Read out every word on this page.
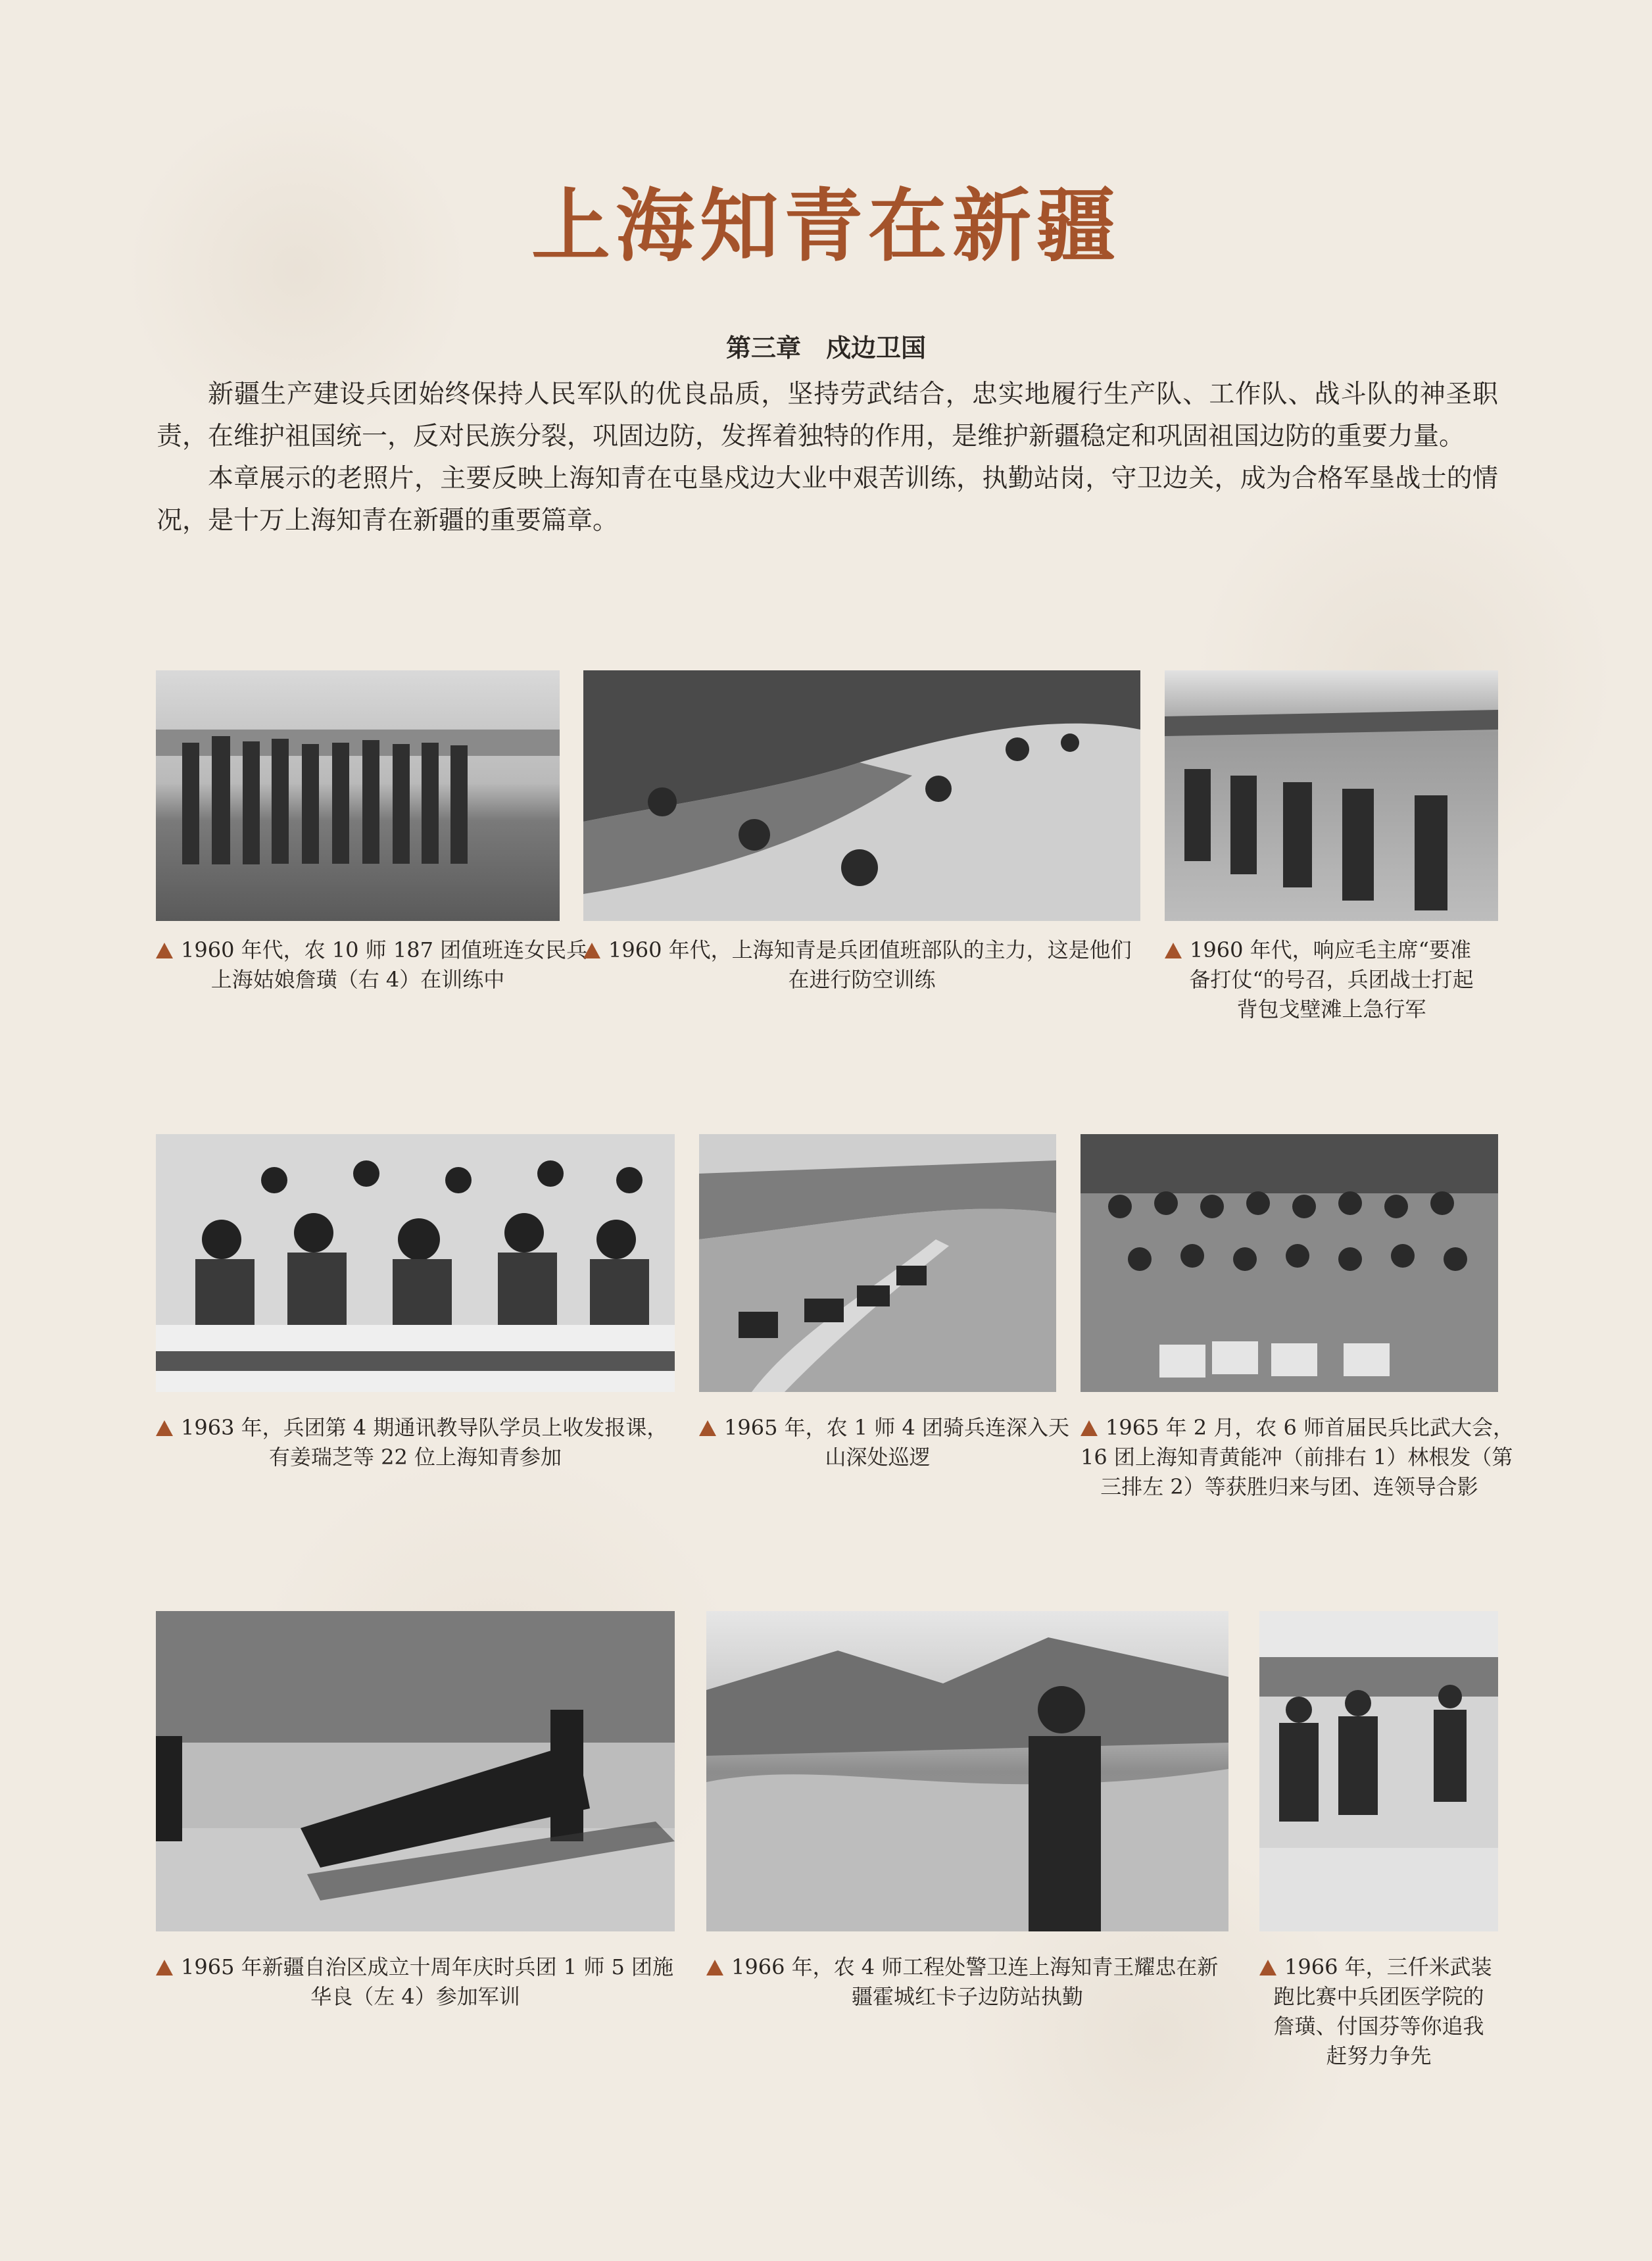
上海知青在新疆
第三章　戍边卫国

新疆生产建设兵团始终保持人民军队的优良品质，坚持劳武结合，忠实地履行生产队、工作队、战斗队的神圣职责，在维护祖国统一，反对民族分裂，巩固边防，发挥着独特的作用，是维护新疆稳定和巩固祖国边防的重要力量。

本章展示的老照片，主要反映上海知青在屯垦戍边大业中艰苦训练，执勤站岗，守卫边关，成为合格军垦战士的情况，是十万上海知青在新疆的重要篇章。

1960 年代，农 10 师 187 团值班连女民兵
上海姑娘詹璜（右 4）在训练中
1960 年代，上海知青是兵团值班部队的主力，这是他们
在进行防空训练
1960 年代，响应毛主席“要准
备打仗“的号召，兵团战士打起
背包戈壁滩上急行军
1963 年，兵团第 4 期通讯教导队学员上收发报课，
有姜瑞芝等 22 位上海知青参加
1965 年，农 1 师 4 团骑兵连深入天
山深处巡逻
1965 年 2 月，农 6 师首届民兵比武大会，
16 团上海知青黄能冲（前排右 1）林根发（第
三排左 2）等获胜归来与团、连领导合影
1965 年新疆自治区成立十周年庆时兵团 1 师 5 团施
华良（左 4）参加军训
1966 年，农 4 师工程处警卫连上海知青王耀忠在新
疆霍城红卡子边防站执勤
1966 年，三仟米武装
跑比赛中兵团医学院的
詹璜、付国芬等你追我
赶努力争先
